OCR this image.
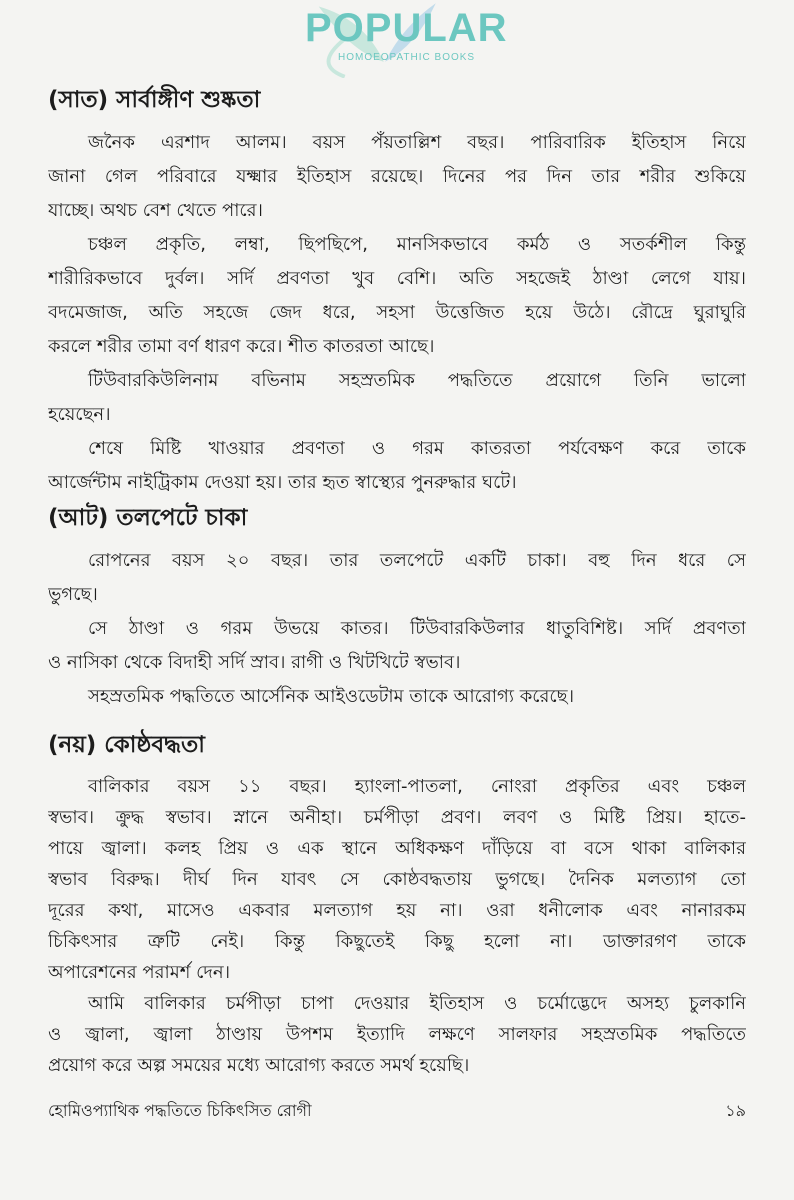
(সাত) সার্বাঙ্গীণ শুষ্কতা
জনৈক এরশাদ আলম। বয়স পঁয়তাল্লিশ বছর। পারিবারিক ইতিহাস নিয়ে
জানা গেল পরিবারে যক্ষ্মার ইতিহাস রয়েছে। দিনের পর দিন তার শরীর শুকিয়ে
যাচ্ছে। অথচ বেশ খেতে পারে।
চঞ্চল প্রকৃতি, লম্বা, ছিপছিপে, মানসিকভাবে কর্মঠ ও সতর্কশীল কিন্তু
শারীরিকভাবে দুর্বল। সর্দি প্রবণতা খুব বেশি। অতি সহজেই ঠাণ্ডা লেগে যায়।
বদমেজাজ, অতি সহজে জেদ ধরে, সহসা উত্তেজিত হয়ে উঠে। রৌদ্রে ঘুরাঘুরি
করলে শরীর তামা বর্ণ ধারণ করে। শীত কাতরতা আছে।
টিউবারকিউলিনাম বভিনাম সহস্রতমিক পদ্ধতিতে প্রয়োগে তিনি ভালো
হয়েছেন।
শেষে মিষ্টি খাওয়ার প্রবণতা ও গরম কাতরতা পর্যবেক্ষণ করে তাকে
আর্জেন্টাম নাইট্রিকাম দেওয়া হয়। তার হৃত স্বাস্থ্যের পুনরুদ্ধার ঘটে।
(আট) তলপেটে চাকা
রোপনের বয়স ২০ বছর। তার তলপেটে একটি চাকা। বহু দিন ধরে সে
ভুগছে।
সে ঠাণ্ডা ও গরম উভয়ে কাতর। টিউবারকিউলার ধাতুবিশিষ্ট। সর্দি প্রবণতা
ও নাসিকা থেকে বিদাহী সর্দি স্রাব। রাগী ও খিটখিটে স্বভাব।
সহস্রতমিক পদ্ধতিতে আর্সেনিক আইওডেটাম তাকে আরোগ্য করেছে।
(নয়) কোষ্ঠবদ্ধতা
বালিকার বয়স ১১ বছর। হ্যাংলা-পাতলা, নোংরা প্রকৃতির এবং চঞ্চল
স্বভাব। ক্রুদ্ধ স্বভাব। স্নানে অনীহা। চর্মপীড়া প্রবণ। লবণ ও মিষ্টি প্রিয়। হাতে-
পায়ে জ্বালা। কলহ প্রিয় ও এক স্থানে অধিকক্ষণ দাঁড়িয়ে বা বসে থাকা বালিকার
স্বভাব বিরুদ্ধ। দীর্ঘ দিন যাবৎ সে কোষ্ঠবদ্ধতায় ভুগছে। দৈনিক মলত্যাগ তো
দূরের কথা, মাসেও একবার মলত্যাগ হয় না। ওরা ধনীলোক এবং নানারকম
চিকিৎসার ত্রুটি নেই। কিন্তু কিছুতেই কিছু হলো না। ডাক্তারগণ তাকে
অপারেশনের পরামর্শ দেন।
আমি বালিকার চর্মপীড়া চাপা দেওয়ার ইতিহাস ও চর্মোদ্ভেদে অসহ্য চুলকানি
ও জ্বালা, জ্বালা ঠাণ্ডায় উপশম ইত্যাদি লক্ষণে সালফার সহস্রতমিক পদ্ধতিতে
প্রয়োগ করে অল্প সময়ের মধ্যে আরোগ্য করতে সমর্থ হয়েছি।
POPULAR
HOMOEOPATHIC BOOKS
হোমিওপ্যাথিক পদ্ধতিতে চিকিৎসিত রোগী	১৯
